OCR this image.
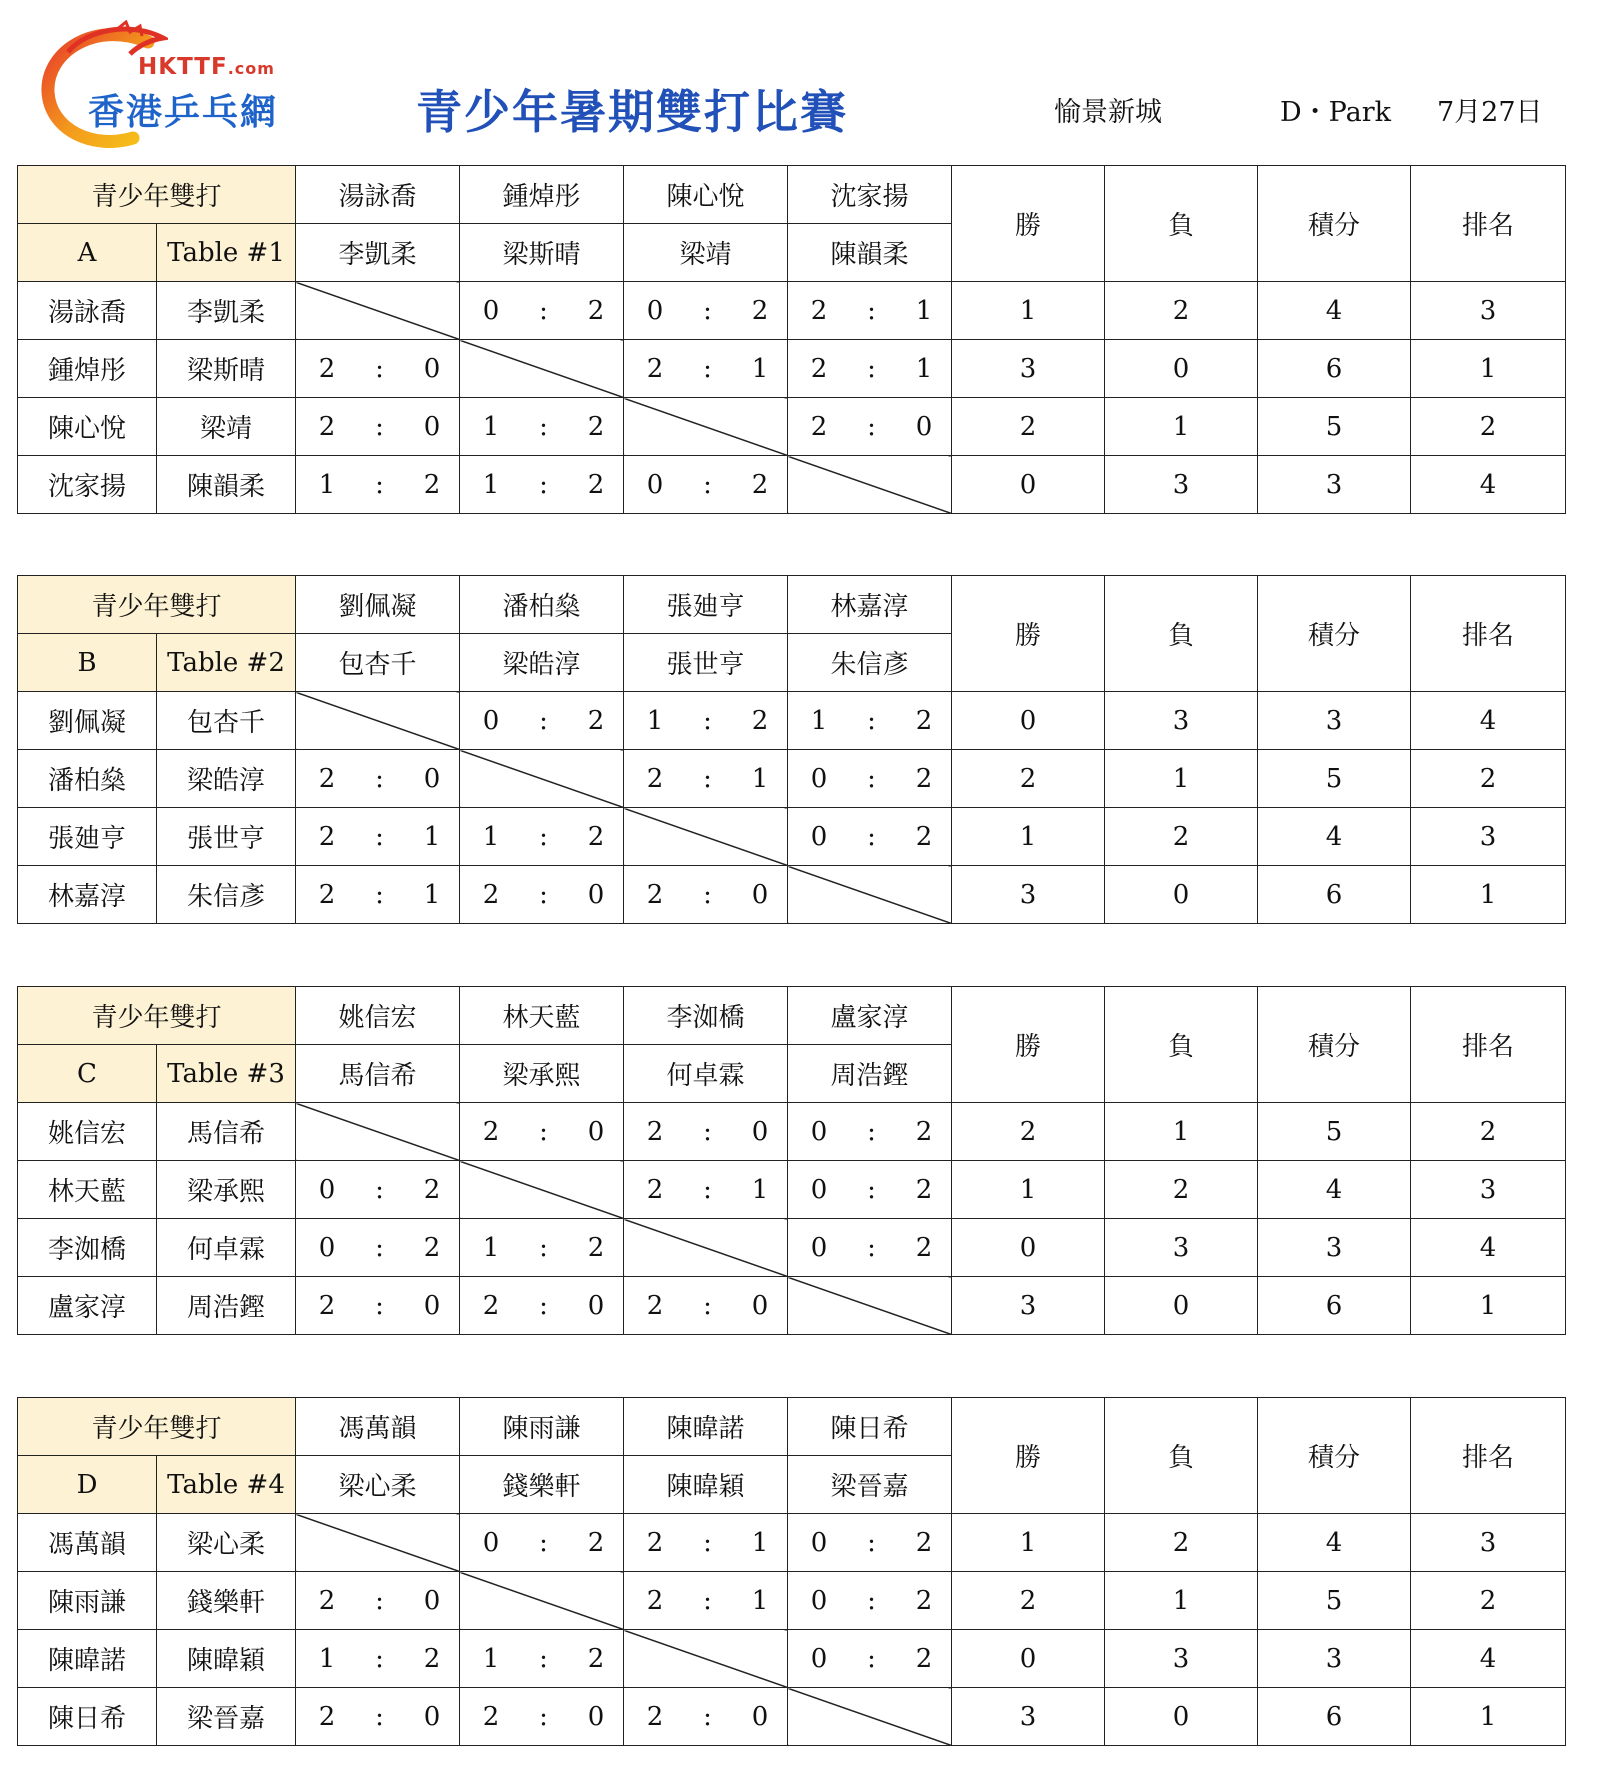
HKTTF.com
香港乒乓網	青少年暑期雙打比賽	愉景新城	D・Park 7月27日
青少年雙打		湯詠喬	鍾焯彤	陳心悅	沈家揚	勝	負	積分	排名
A	Table #1	李凱柔	梁斯晴	梁靖	陳韻柔				
湯詠喬	李凱柔		0 : 2	0 : 2	2 : 1	1	2	4	3
鍾焯彤	梁斯晴	2 : 0		2 : 1	2 : 1	3	0	6	1
陳心悅	梁靖	2 : 0	1 : 2		2 : 0	2	1	5	2
沈家揚	陳韻柔	1 : 2	1 : 2	0 : 2		0	3	3	4
青少年雙打		劉佩凝	潘柏燊	張廸亨	林嘉淳	勝	負	積分	排名
B	Table #2	包杏千	梁皓淳	張世亨	朱信彥				
劉佩凝	包杏千		0 : 2	1 : 2	1 : 2	0	3	3	4
潘柏燊	梁皓淳	2 : 0		2 : 1	0 : 2	2	1	5	2
張廸亨	張世亨	2 : 1	1 : 2		0 : 2	1	2	4	3
林嘉淳	朱信彥	2 : 1	2 : 0	2 : 0		3	0	6	1
青少年雙打		姚信宏	林天藍	李洳橋	盧家淳	勝	負	積分	排名
C	Table #3	馬信希	梁承熙	何卓霖	周浩鏗				
姚信宏	馬信希		2 : 0	2 : 0	0 : 2	2	1	5	2
林天藍	梁承熙	0 : 2		2 : 1	0 : 2	1	2	4	3
李洳橋	何卓霖	0 : 2	1 : 2		0 : 2	0	3	3	4
盧家淳	周浩鏗	2 : 0	2 : 0	2 : 0		3	0	6	1
青少年雙打		馮萬韻	陳雨謙	陳暐諾	陳日希	勝	負	積分	排名
D	Table #4	梁心柔	錢樂軒	陳暐穎	梁晉嘉				
馮萬韻	梁心柔		0 : 2	2 : 1	0 : 2	1	2	4	3
陳雨謙	錢樂軒	2 : 0		2 : 1	0 : 2	2	1	5	2
陳暐諾	陳暐穎	1 : 2	1 : 2		0 : 2	0	3	3	4
陳日希	梁晉嘉	2 : 0	2 : 0	2 : 0		3	0	6	1
